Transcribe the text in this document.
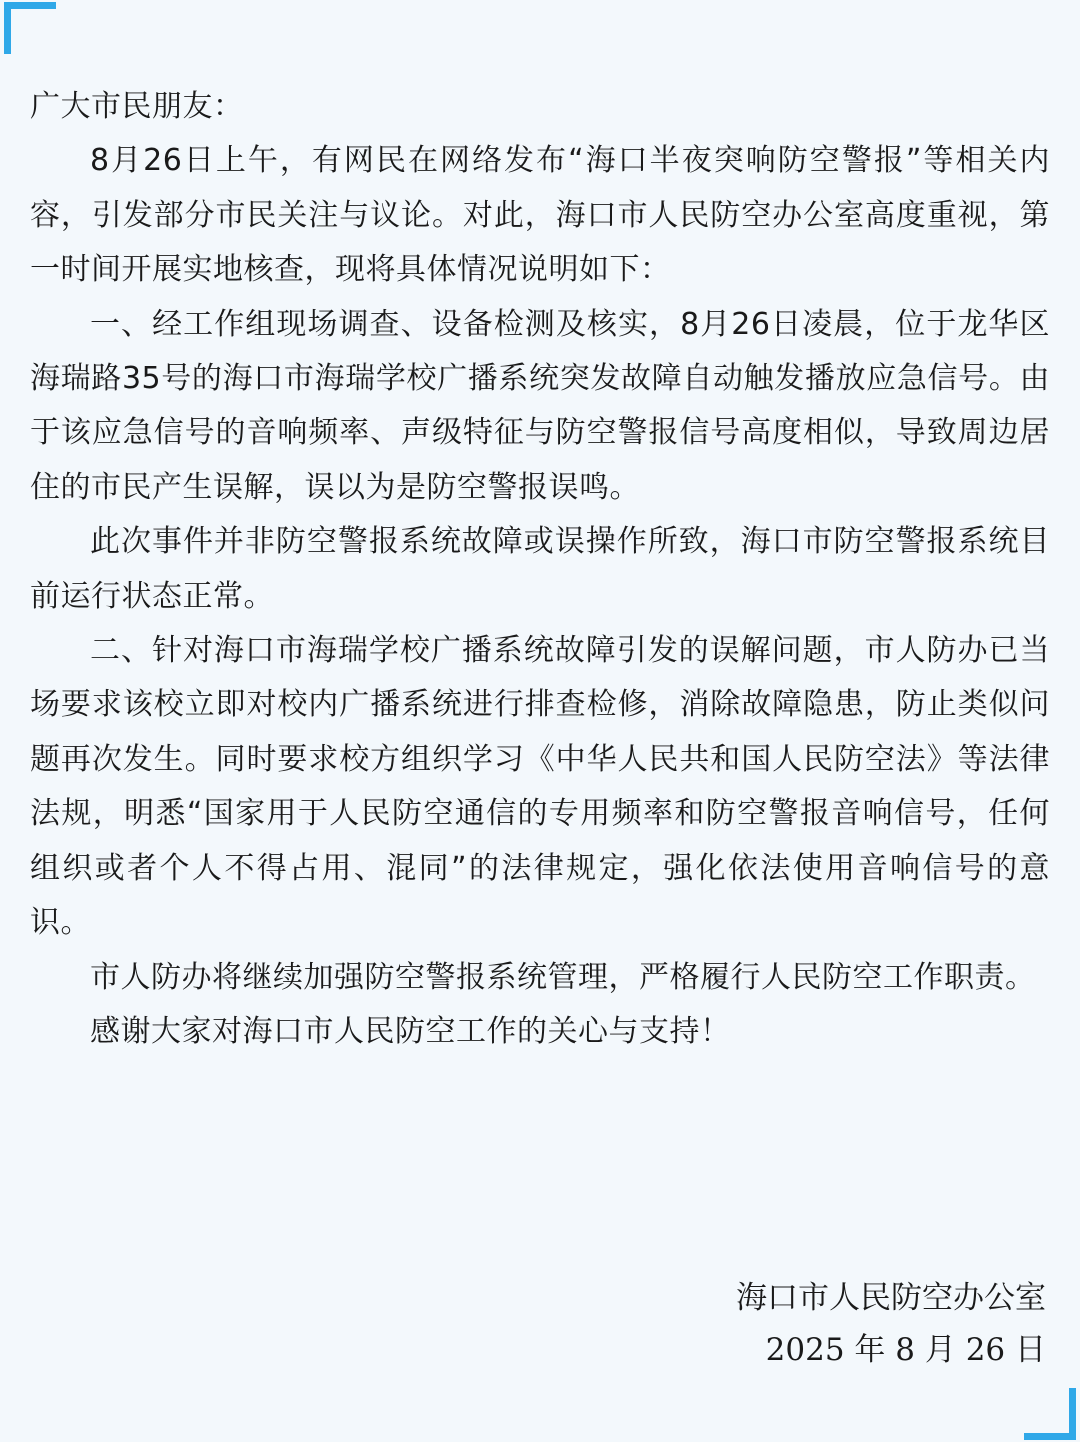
广大市民朋友：

8月26日上午，有网民在网络发布“海口半夜突响防空警报”等相关内容，引发部分市民关注与议论。对此，海口市人民防空办公室高度重视，第一时间开展实地核查，现将具体情况说明如下：

一、经工作组现场调查、设备检测及核实，8月26日凌晨，位于龙华区海瑞路35号的海口市海瑞学校广播系统突发故障自动触发播放应急信号。由于该应急信号的音响频率、声级特征与防空警报信号高度相似，导致周边居住的市民产生误解，误以为是防空警报误鸣。

此次事件并非防空警报系统故障或误操作所致，海口市防空警报系统目前运行状态正常。

二、针对海口市海瑞学校广播系统故障引发的误解问题，市人防办已当场要求该校立即对校内广播系统进行排查检修，消除故障隐患，防止类似问题再次发生。同时要求校方组织学习《中华人民共和国人民防空法》等法律法规，明悉“国家用于人民防空通信的专用频率和防空警报音响信号，任何组织或者个人不得占用、混同”的法律规定，强化依法使用音响信号的意识。

市人防办将继续加强防空警报系统管理，严格履行人民防空工作职责。

感谢大家对海口市人民防空工作的关心与支持！

海口市人民防空办公室
2025 年 8 月 26 日
